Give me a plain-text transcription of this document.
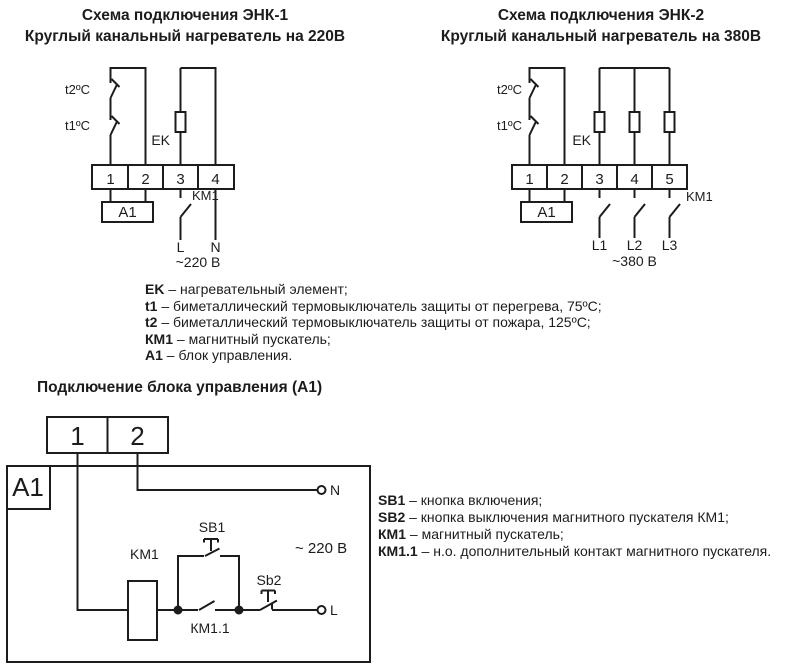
Схема подключения ЭНК-1
Круглый канальный нагреватель на 220В
Схема подключения ЭНК-2
Круглый канальный нагреватель на 380В
t2ºC
t1ºC
EK
1 2 3 4
A1
KM1
L N
~220 В
t2ºC
t1ºC
EK
1 2 3 4 5
A1
KM1
L1 L2 L3
~380 В
EK – нагревательный элемент;
t1 – биметаллический термовыключатель защиты от перегрева, 75ºС;
t2 – биметаллический термовыключатель защиты от пожара, 125ºС;
КМ1 – магнитный пускатель;
А1 – блок управления.
Подключение блока управления (А1)
1 2
A1	N
L
SB1
KM1
КМ1.1
Sb2
~ 220 В
SB1 – кнопка включения;
SB2 – кнопка выключения магнитного пускателя КМ1;
КМ1 – магнитный пускатель;
КМ1.1 – н.о. дополнительный контакт магнитного пускателя.
